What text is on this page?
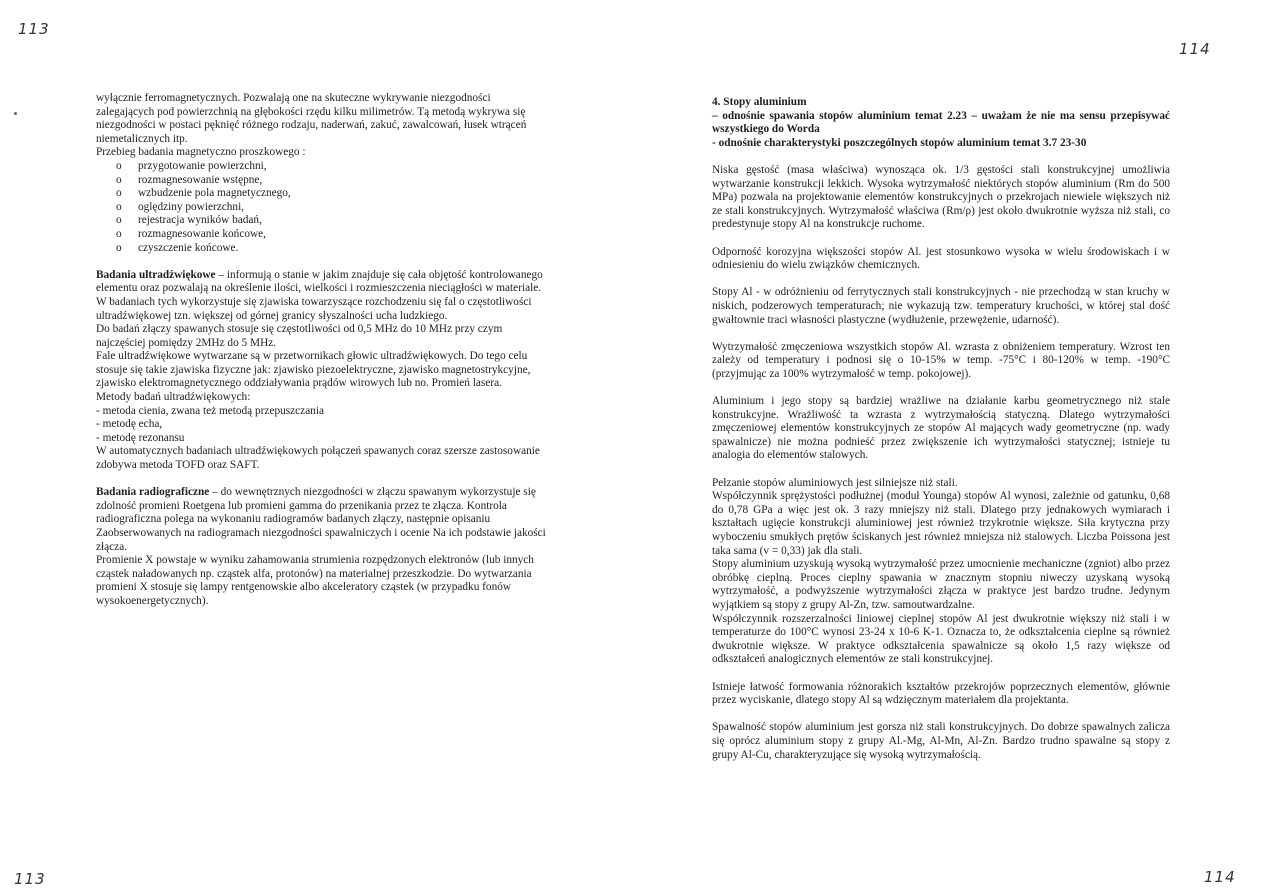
113
113

wyłącznie ferromagnetycznych. Pozwalają one na skuteczne wykrywanie niezgodności zalegających pod powierzchnią na głębokości rzędu kilku milimetrów. Tą metodą wykrywa się niezgodności w postaci pęknięć różnego rodzaju, naderwań, zakuć, zawalcowań, łusek wtrąceń niemetalicznych itp.

Przebieg badania magnetyczno proszkowego :

o przygotowanie powierzchni,
o rozmagnesowanie wstępne,
o wzbudzenie pola magnetycznego,
o oględziny powierzchni,
o rejestracja wyników badań,
o rozmagnesowanie końcowe,
o czyszczenie końcowe.

Badania ultradźwiękowe – informują o stanie w jakim znajduje się cała objętość kontrolowanego elementu oraz pozwalają na określenie ilości, wielkości i rozmieszczenia nieciągłości w materiale. W badaniach tych wykorzystuje się zjawiska towarzyszące rozchodzeniu się fal o częstotliwości ultradźwiękowej tzn. większej od górnej granicy słyszalności ucha ludzkiego.

Do badań złączy spawanych stosuje się częstotliwości od 0,5 MHz do 10 MHz przy czym najczęściej pomiędzy 2MHz do 5 MHz.

Fale ultradźwiękowe wytwarzane są w przetwornikach głowic ultradźwiękowych. Do tego celu stosuje się takie zjawiska fizyczne jak: zjawisko piezoelektryczne, zjawisko magnetostrykcyjne, zjawisko elektromagnetycznego oddziaływania prądów wirowych lub no. Promień lasera.

Metody badań ultradźwiękowych:

- metoda cienia, zwana też metodą przepuszczania

- metodę echa,

- metodę rezonansu

W automatycznych badaniach ultradźwiękowych połączeń spawanych coraz szersze zastosowanie zdobywa metoda TOFD oraz SAFT.

Badania radiograficzne – do wewnętrznych niezgodności w złączu spawanym wykorzystuje się zdolność promieni Roetgena lub promieni gamma do przenikania przez te złącza. Kontrola radiograficzna polega na wykonaniu radiogramów badanych złączy, następnie opisaniu Zaobserwowanych na radiogramach niezgodności spawalniczych i ocenie Na ich podstawie jakości złącza.

Promienie X powstaje w wyniku zahamowania strumienia rozpędzonych elektronów (lub innych cząstek naładowanych np. cząstek alfa, protonów) na materialnej przeszkodzie. Do wytwarzania promieni X stosuje się lampy rentgenowskie albo akceleratory cząstek (w przypadku fonów wysokoenergetycznych).

114
114

4. Stopy aluminium

– odnośnie spawania stopów aluminium temat 2.23 – uważam że nie ma sensu przepisywać wszystkiego do Worda

- odnośnie charakterystyki poszczególnych stopów aluminium temat 3.7 23-30

Niska gęstość (masa właściwa) wynosząca ok. 1/3 gęstości stali konstrukcyjnej umożliwia wytwarzanie konstrukcji lekkich. Wysoka wytrzymałość niektórych stopów aluminium (Rm do 500 MPa) pozwala na projektowanie elementów konstrukcyjnych o przekrojach niewiele większych niż ze stali konstrukcyjnych. Wytrzymałość właściwa (Rm/ρ) jest około dwukrotnie wyższa niż stali, co predestynuje stopy Al na konstrukcje ruchome.

Odporność korozyjna większości stopów Al. jest stosunkowo wysoka w wielu środowiskach i w odniesieniu do wielu związków chemicznych.

Stopy Al - w odróżnieniu od ferrytycznych stali konstrukcyjnych - nie przechodzą w stan kruchy w niskich, podzerowych temperaturach; nie wykazują tzw. temperatury kruchości, w której stal dość gwałtownie traci własności plastyczne (wydłużenie, przewężenie, udarność).

Wytrzymałość zmęczeniowa wszystkich stopów Al. wzrasta z obniżeniem temperatury. Wzrost ten zależy od temperatury i podnosi się o 10-15% w temp. -75°C i 80-120% w temp. -190°C (przyjmując za 100% wytrzymałość w temp. pokojowej).

Aluminium i jego stopy są bardziej wrażliwe na działanie karbu geometrycznego niż stale konstrukcyjne. Wrażliwość ta wzrasta z wytrzymałością statyczną. Dlatego wytrzymałości zmęczeniowej elementów konstrukcyjnych ze stopów Al mających wady geometryczne (np. wady spawalnicze) nie można podnieść przez zwiększenie ich wytrzymałości statycznej; istnieje tu analogia do elementów stalowych.

Pełzanie stopów aluminiowych jest silniejsze niż stali.

Współczynnik sprężystości podłużnej (moduł Younga) stopów Al wynosi, zależnie od gatunku, 0,68 do 0,78 GPa a więc jest ok. 3 razy mniejszy niż stali. Dlatego przy jednakowych wymiarach i kształtach ugięcie konstrukcji aluminiowej jest również trzykrotnie większe. Siła krytyczna przy wyboczeniu smukłych prętów ściskanych jest również mniejsza niż stalowych. Liczba Poissona jest taka sama (v = 0,33) jak dla stali.

Stopy aluminium uzyskują wysoką wytrzymałość przez umocnienie mechaniczne (zgniot) albo przez obróbkę cieplną. Proces cieplny spawania w znacznym stopniu niweczy uzyskaną wysoką wytrzymałość, a podwyższenie wytrzymałości złącza w praktyce jest bardzo trudne. Jedynym wyjątkiem są stopy z grupy Al-Zn, tzw. samoutwardzalne.

Współczynnik rozszerzalności liniowej cieplnej stopów Al jest dwukrotnie większy niż stali i w temperaturze do 100°C wynosi 23-24 x 10-6 K-1. Oznacza to, że odkształcenia cieplne są również dwukrotnie większe. W praktyce odkształcenia spawalnicze są około 1,5 razy większe od odkształceń analogicznych elementów ze stali konstrukcyjnej.

Istnieje łatwość formowania różnorakich kształtów przekrojów poprzecznych elementów, głównie przez wyciskanie, dlatego stopy Al są wdzięcznym materiałem dla projektanta.

Spawalność stopów aluminium jest gorsza niż stali konstrukcyjnych. Do dobrze spawalnych zalicza się oprócz aluminium stopy z grupy Al.-Mg, Al-Mn, Al-Zn. Bardzo trudno spawalne są stopy z grupy Al-Cu, charakteryzujące się wysoką wytrzymałością.
